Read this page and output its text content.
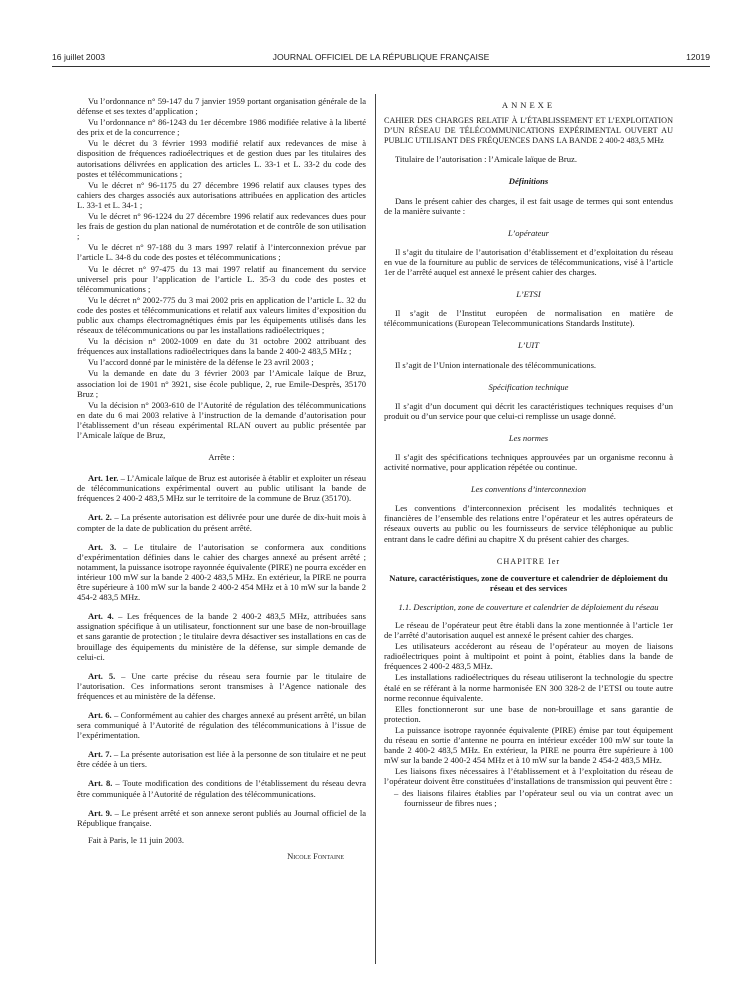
16 juillet 2003	JOURNAL OFFICIEL DE LA RÉPUBLIQUE FRANÇAISE	12019

Vu l’ordonnance n° 59-147 du 7 janvier 1959 portant organisation générale de la défense et ses textes d’application ;

Vu l’ordonnance n° 86-1243 du 1er décembre 1986 modifiée relative à la liberté des prix et de la concurrence ;

Vu le décret du 3 février 1993 modifié relatif aux redevances de mise à disposition de fréquences radioélectriques et de gestion dues par les titulaires des autorisations délivrées en application des articles L. 33-1 et L. 33-2 du code des postes et télécommunications ;

Vu le décret n° 96-1175 du 27 décembre 1996 relatif aux clauses types des cahiers des charges associés aux autorisations attribuées en application des articles L. 33-1 et L. 34-1 ;

Vu le décret n° 96-1224 du 27 décembre 1996 relatif aux redevances dues pour les frais de gestion du plan national de numérotation et de contrôle de son utilisation ;

Vu le décret n° 97-188 du 3 mars 1997 relatif à l’interconnexion prévue par l’article L. 34-8 du code des postes et télécommunications ;

Vu le décret n° 97-475 du 13 mai 1997 relatif au financement du service universel pris pour l’application de l’article L. 35-3 du code des postes et télécommunications ;

Vu le décret n° 2002-775 du 3 mai 2002 pris en application de l’article L. 32 du code des postes et télécommunications et relatif aux valeurs limites d’exposition du public aux champs électromagnétiques émis par les équipements utilisés dans les réseaux de télécommunications ou par les installations radioélectriques ;

Vu la décision n° 2002-1009 en date du 31 octobre 2002 attribuant des fréquences aux installations radioélectriques dans la bande 2 400-2 483,5 MHz ;

Vu l’accord donné par le ministère de la défense le 23 avril 2003 ;

Vu la demande en date du 3 février 2003 par l’Amicale laïque de Bruz, association loi de 1901 n° 3921, sise école publique, 2, rue Emile-Desprès, 35170 Bruz ;

Vu la décision n° 2003-610 de l’Autorité de régulation des télécommunications en date du 6 mai 2003 relative à l’instruction de la demande d’autorisation pour l’établissement d’un réseau expérimental RLAN ouvert au public présentée par l’Amicale laïque de Bruz,

Arrête :

Art. 1er. – L’Amicale laïque de Bruz est autorisée à établir et exploiter un réseau de télécommunications expérimental ouvert au public utilisant la bande de fréquences 2 400-2 483,5 MHz sur le territoire de la commune de Bruz (35170).

Art. 2. – La présente autorisation est délivrée pour une durée de dix-huit mois à compter de la date de publication du présent arrêté.

Art. 3. – Le titulaire de l’autorisation se conformera aux conditions d’expérimentation définies dans le cahier des charges annexé au présent arrêté ; notamment, la puissance isotrope rayonnée équivalente (PIRE) ne pourra excéder en intérieur 100 mW sur la bande 2 400-2 483,5 MHz. En extérieur, la PIRE ne pourra être supérieure à 100 mW sur la bande 2 400-2 454 MHz et à 10 mW sur la bande 2 454-2 483,5 MHz.

Art. 4. – Les fréquences de la bande 2 400-2 483,5 MHz, attribuées sans assignation spécifique à un utilisateur, fonctionnent sur une base de non-brouillage et sans garantie de protection ; le titulaire devra désactiver ses installations en cas de brouillage des équipements du ministère de la défense, sur simple demande de celui-ci.

Art. 5. – Une carte précise du réseau sera fournie par le titulaire de l’autorisation. Ces informations seront transmises à l’Agence nationale des fréquences et au ministère de la défense.

Art. 6. – Conformément au cahier des charges annexé au présent arrêté, un bilan sera communiqué à l’Autorité de régulation des télécommunications à l’issue de l’expérimentation.

Art. 7. – La présente autorisation est liée à la personne de son titulaire et ne peut être cédée à un tiers.

Art. 8. – Toute modification des conditions de l’établissement du réseau devra être communiquée à l’Autorité de régulation des télécommunications.

Art. 9. – Le présent arrêté et son annexe seront publiés au Journal officiel de la République française.

Fait à Paris, le 11 juin 2003.

Nicole Fontaine

ANNEXE

CAHIER DES CHARGES RELATIF À L’ÉTABLISSEMENT ET L’EXPLOITATION D’UN RÉSEAU DE TÉLÉCOMMUNICATIONS EXPÉRIMENTAL OUVERT AU PUBLIC UTILISANT DES FRÉQUENCES DANS LA BANDE 2 400-2 483,5 MHz

Titulaire de l’autorisation : l’Amicale laïque de Bruz.

Définitions

Dans le présent cahier des charges, il est fait usage de termes qui sont entendus de la manière suivante :

L’opérateur

Il s’agit du titulaire de l’autorisation d’établissement et d’exploitation du réseau en vue de la fourniture au public de services de télécommunications, visé à l’article 1er de l’arrêté auquel est annexé le présent cahier des charges.

L’ETSI

Il s’agit de l’Institut européen de normalisation en matière de télécommunications (European Telecommunications Standards Institute).

L’UIT

Il s’agit de l’Union internationale des télécommunications.

Spécification technique

Il s’agit d’un document qui décrit les caractéristiques techniques requises d’un produit ou d’un service pour que celui-ci remplisse un usage donné.

Les normes

Il s’agit des spécifications techniques approuvées par un organisme reconnu à activité normative, pour application répétée ou continue.

Les conventions d’interconnexion

Les conventions d’interconnexion précisent les modalités techniques et financières de l’ensemble des relations entre l’opérateur et les autres opérateurs de réseaux ouverts au public ou les fournisseurs de service téléphonique au public entrant dans le cadre défini au chapitre X du présent cahier des charges.

CHAPITRE Ier

Nature, caractéristiques, zone de couverture et calendrier de déploiement du réseau et des services

1.1. Description, zone de couverture et calendrier de déploiement du réseau

Le réseau de l’opérateur peut être établi dans la zone mentionnée à l’article 1er de l’arrêté d’autorisation auquel est annexé le présent cahier des charges.

Les utilisateurs accéderont au réseau de l’opérateur au moyen de liaisons radioélectriques point à multipoint et point à point, établies dans la bande de fréquences 2 400-2 483,5 MHz.

Les installations radioélectriques du réseau utiliseront la technologie du spectre étalé en se référant à la norme harmonisée EN 300 328-2 de l’ETSI ou toute autre norme reconnue équivalente.

Elles fonctionneront sur une base de non-brouillage et sans garantie de protection.

La puissance isotrope rayonnée équivalente (PIRE) émise par tout équipement du réseau en sortie d’antenne ne pourra en intérieur excéder 100 mW sur toute la bande 2 400-2 483,5 MHz. En extérieur, la PIRE ne pourra être supérieure à 100 mW sur la bande 2 400-2 454 MHz et à 10 mW sur la bande 2 454-2 483,5 MHz.

Les liaisons fixes nécessaires à l’établissement et à l’exploitation du réseau de l’opérateur doivent être constituées d’installations de transmission qui peuvent être :

– des liaisons filaires établies par l’opérateur seul ou via un contrat avec un fournisseur de fibres nues ;
